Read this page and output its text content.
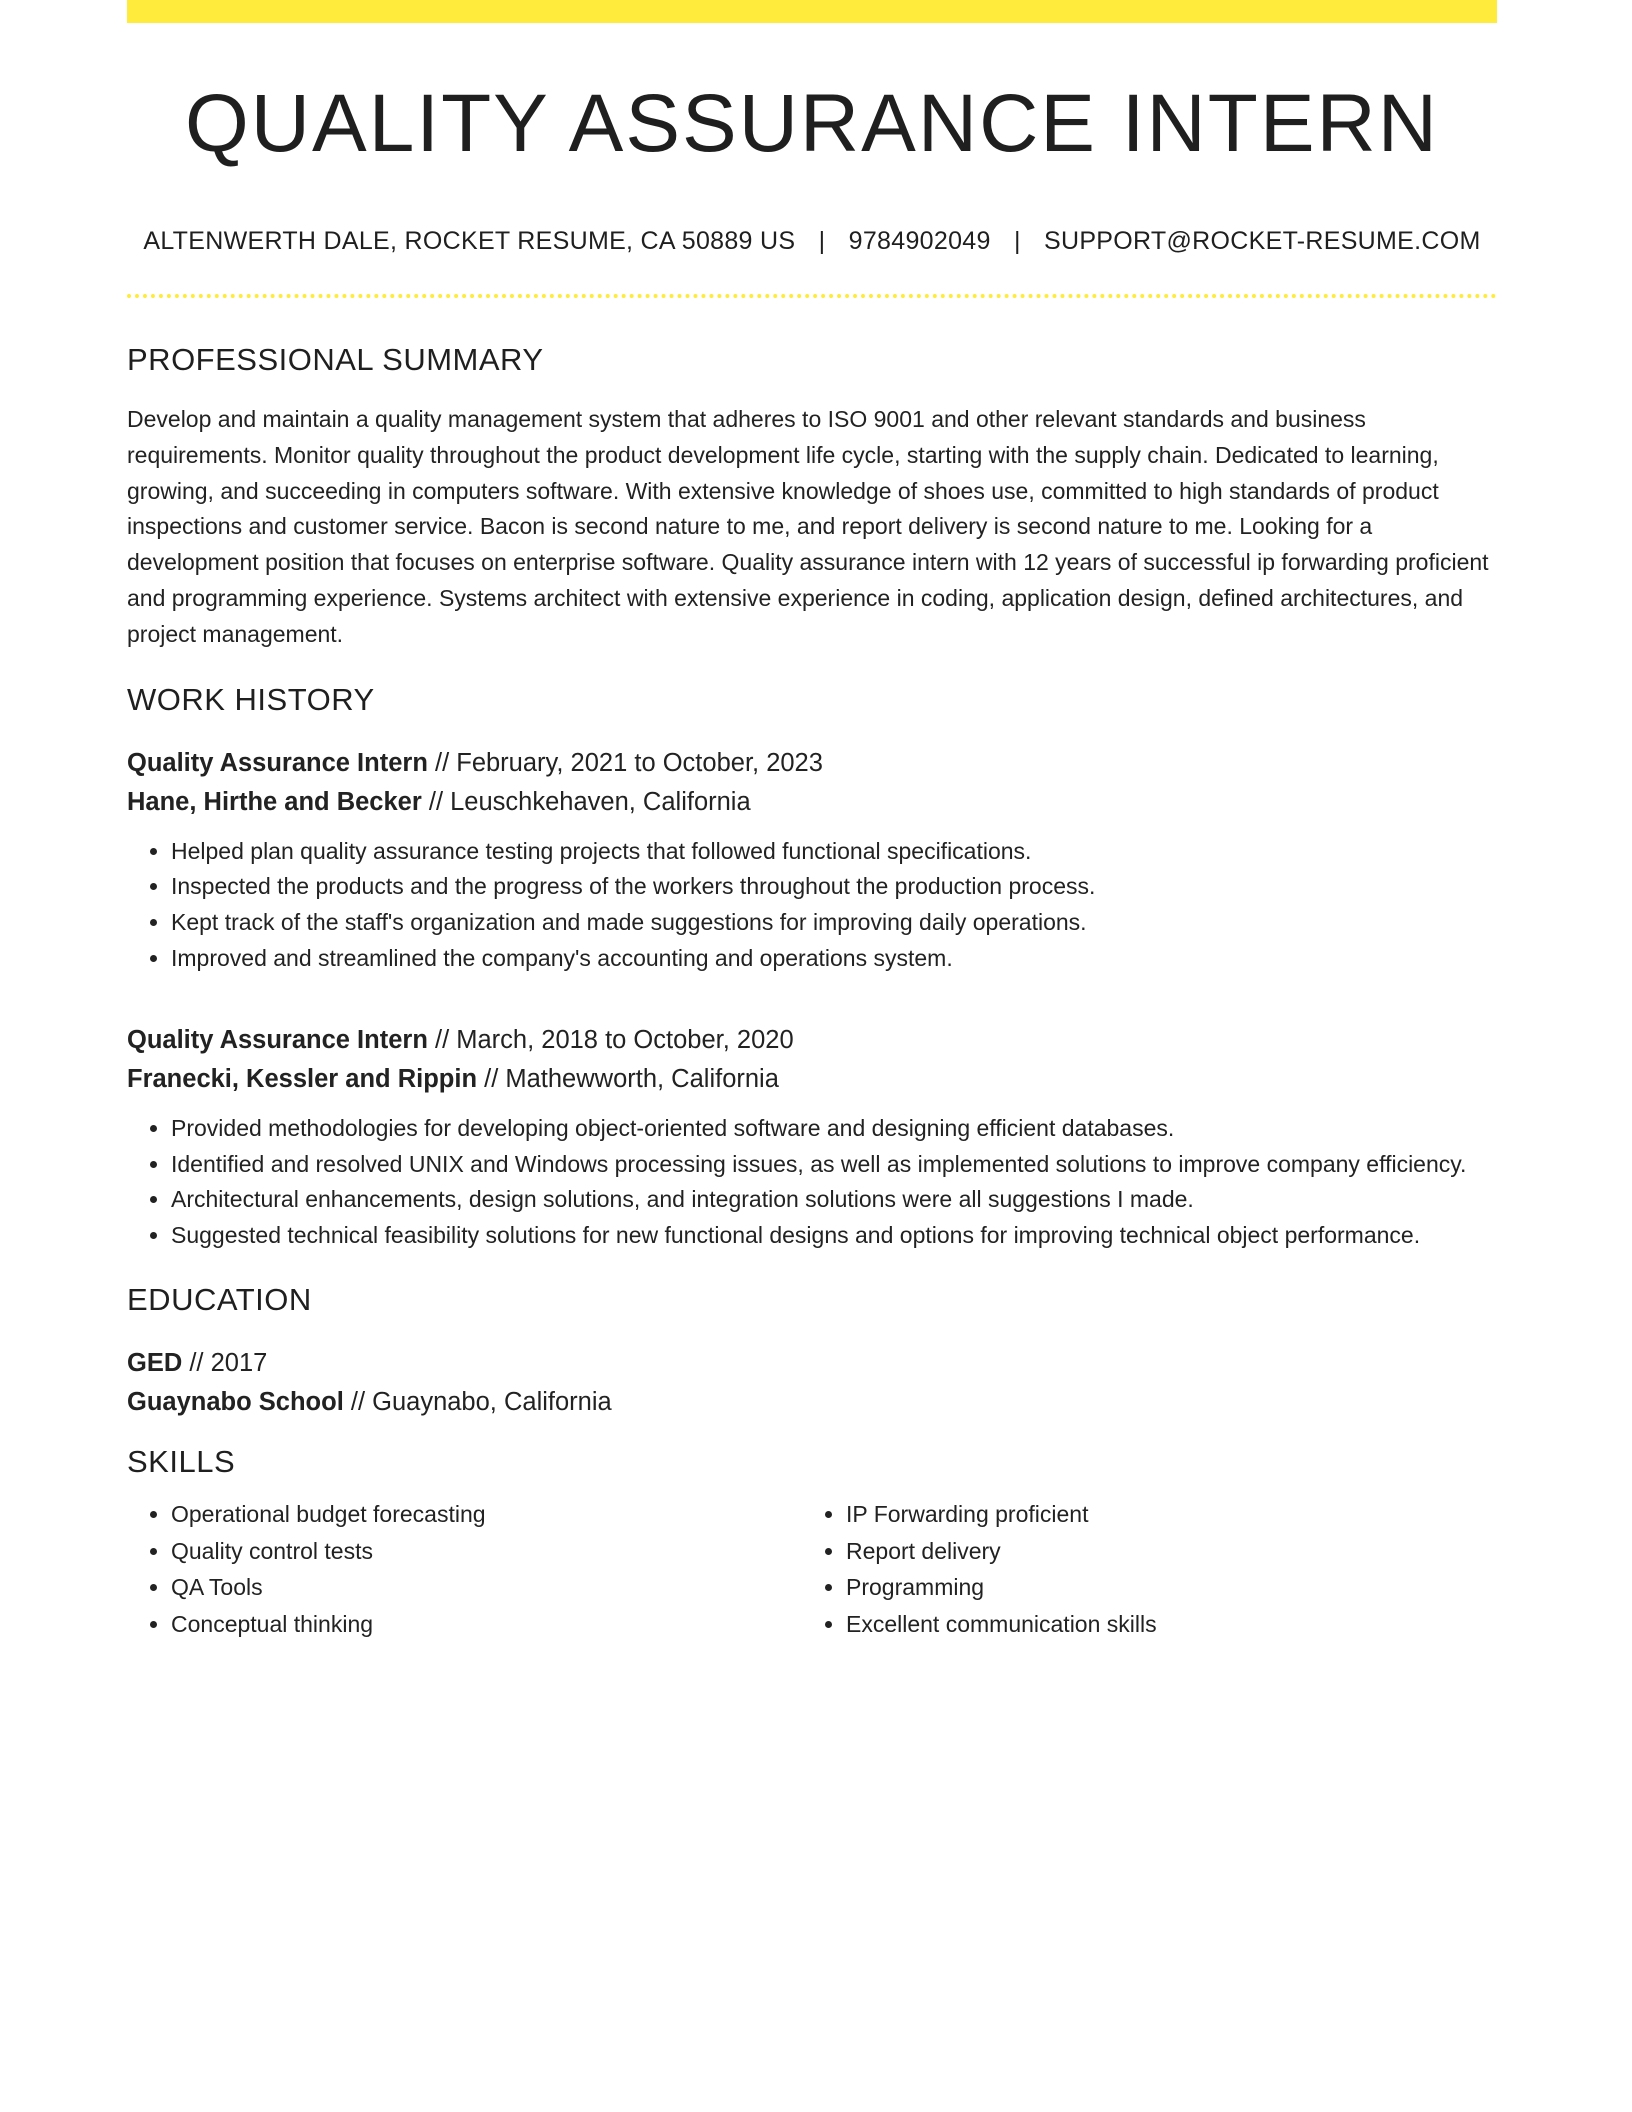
QUALITY ASSURANCE INTERN
ALTENWERTH DALE, ROCKET RESUME, CA 50889 US | 9784902049 | SUPPORT@ROCKET-RESUME.COM
PROFESSIONAL SUMMARY
Develop and maintain a quality management system that adheres to ISO 9001 and other relevant standards and business requirements. Monitor quality throughout the product development life cycle, starting with the supply chain. Dedicated to learning, growing, and succeeding in computers software. With extensive knowledge of shoes use, committed to high standards of product inspections and customer service. Bacon is second nature to me, and report delivery is second nature to me. Looking for a development position that focuses on enterprise software. Quality assurance intern with 12 years of successful ip forwarding proficient and programming experience. Systems architect with extensive experience in coding, application design, defined architectures, and project management.
WORK HISTORY
Quality Assurance Intern // February, 2021 to October, 2023
Hane, Hirthe and Becker // Leuschkehaven, California
• Helped plan quality assurance testing projects that followed functional specifications.
• Inspected the products and the progress of the workers throughout the production process.
• Kept track of the staff's organization and made suggestions for improving daily operations.
• Improved and streamlined the company's accounting and operations system.
Quality Assurance Intern // March, 2018 to October, 2020
Franecki, Kessler and Rippin // Mathewworth, California
• Provided methodologies for developing object-oriented software and designing efficient databases.
• Identified and resolved UNIX and Windows processing issues, as well as implemented solutions to improve company efficiency.
• Architectural enhancements, design solutions, and integration solutions were all suggestions I made.
• Suggested technical feasibility solutions for new functional designs and options for improving technical object performance.
EDUCATION
GED // 2017
Guaynabo School // Guaynabo, California
SKILLS
• Operational budget forecasting
• Quality control tests
• QA Tools
• Conceptual thinking
• IP Forwarding proficient
• Report delivery
• Programming
• Excellent communication skills
